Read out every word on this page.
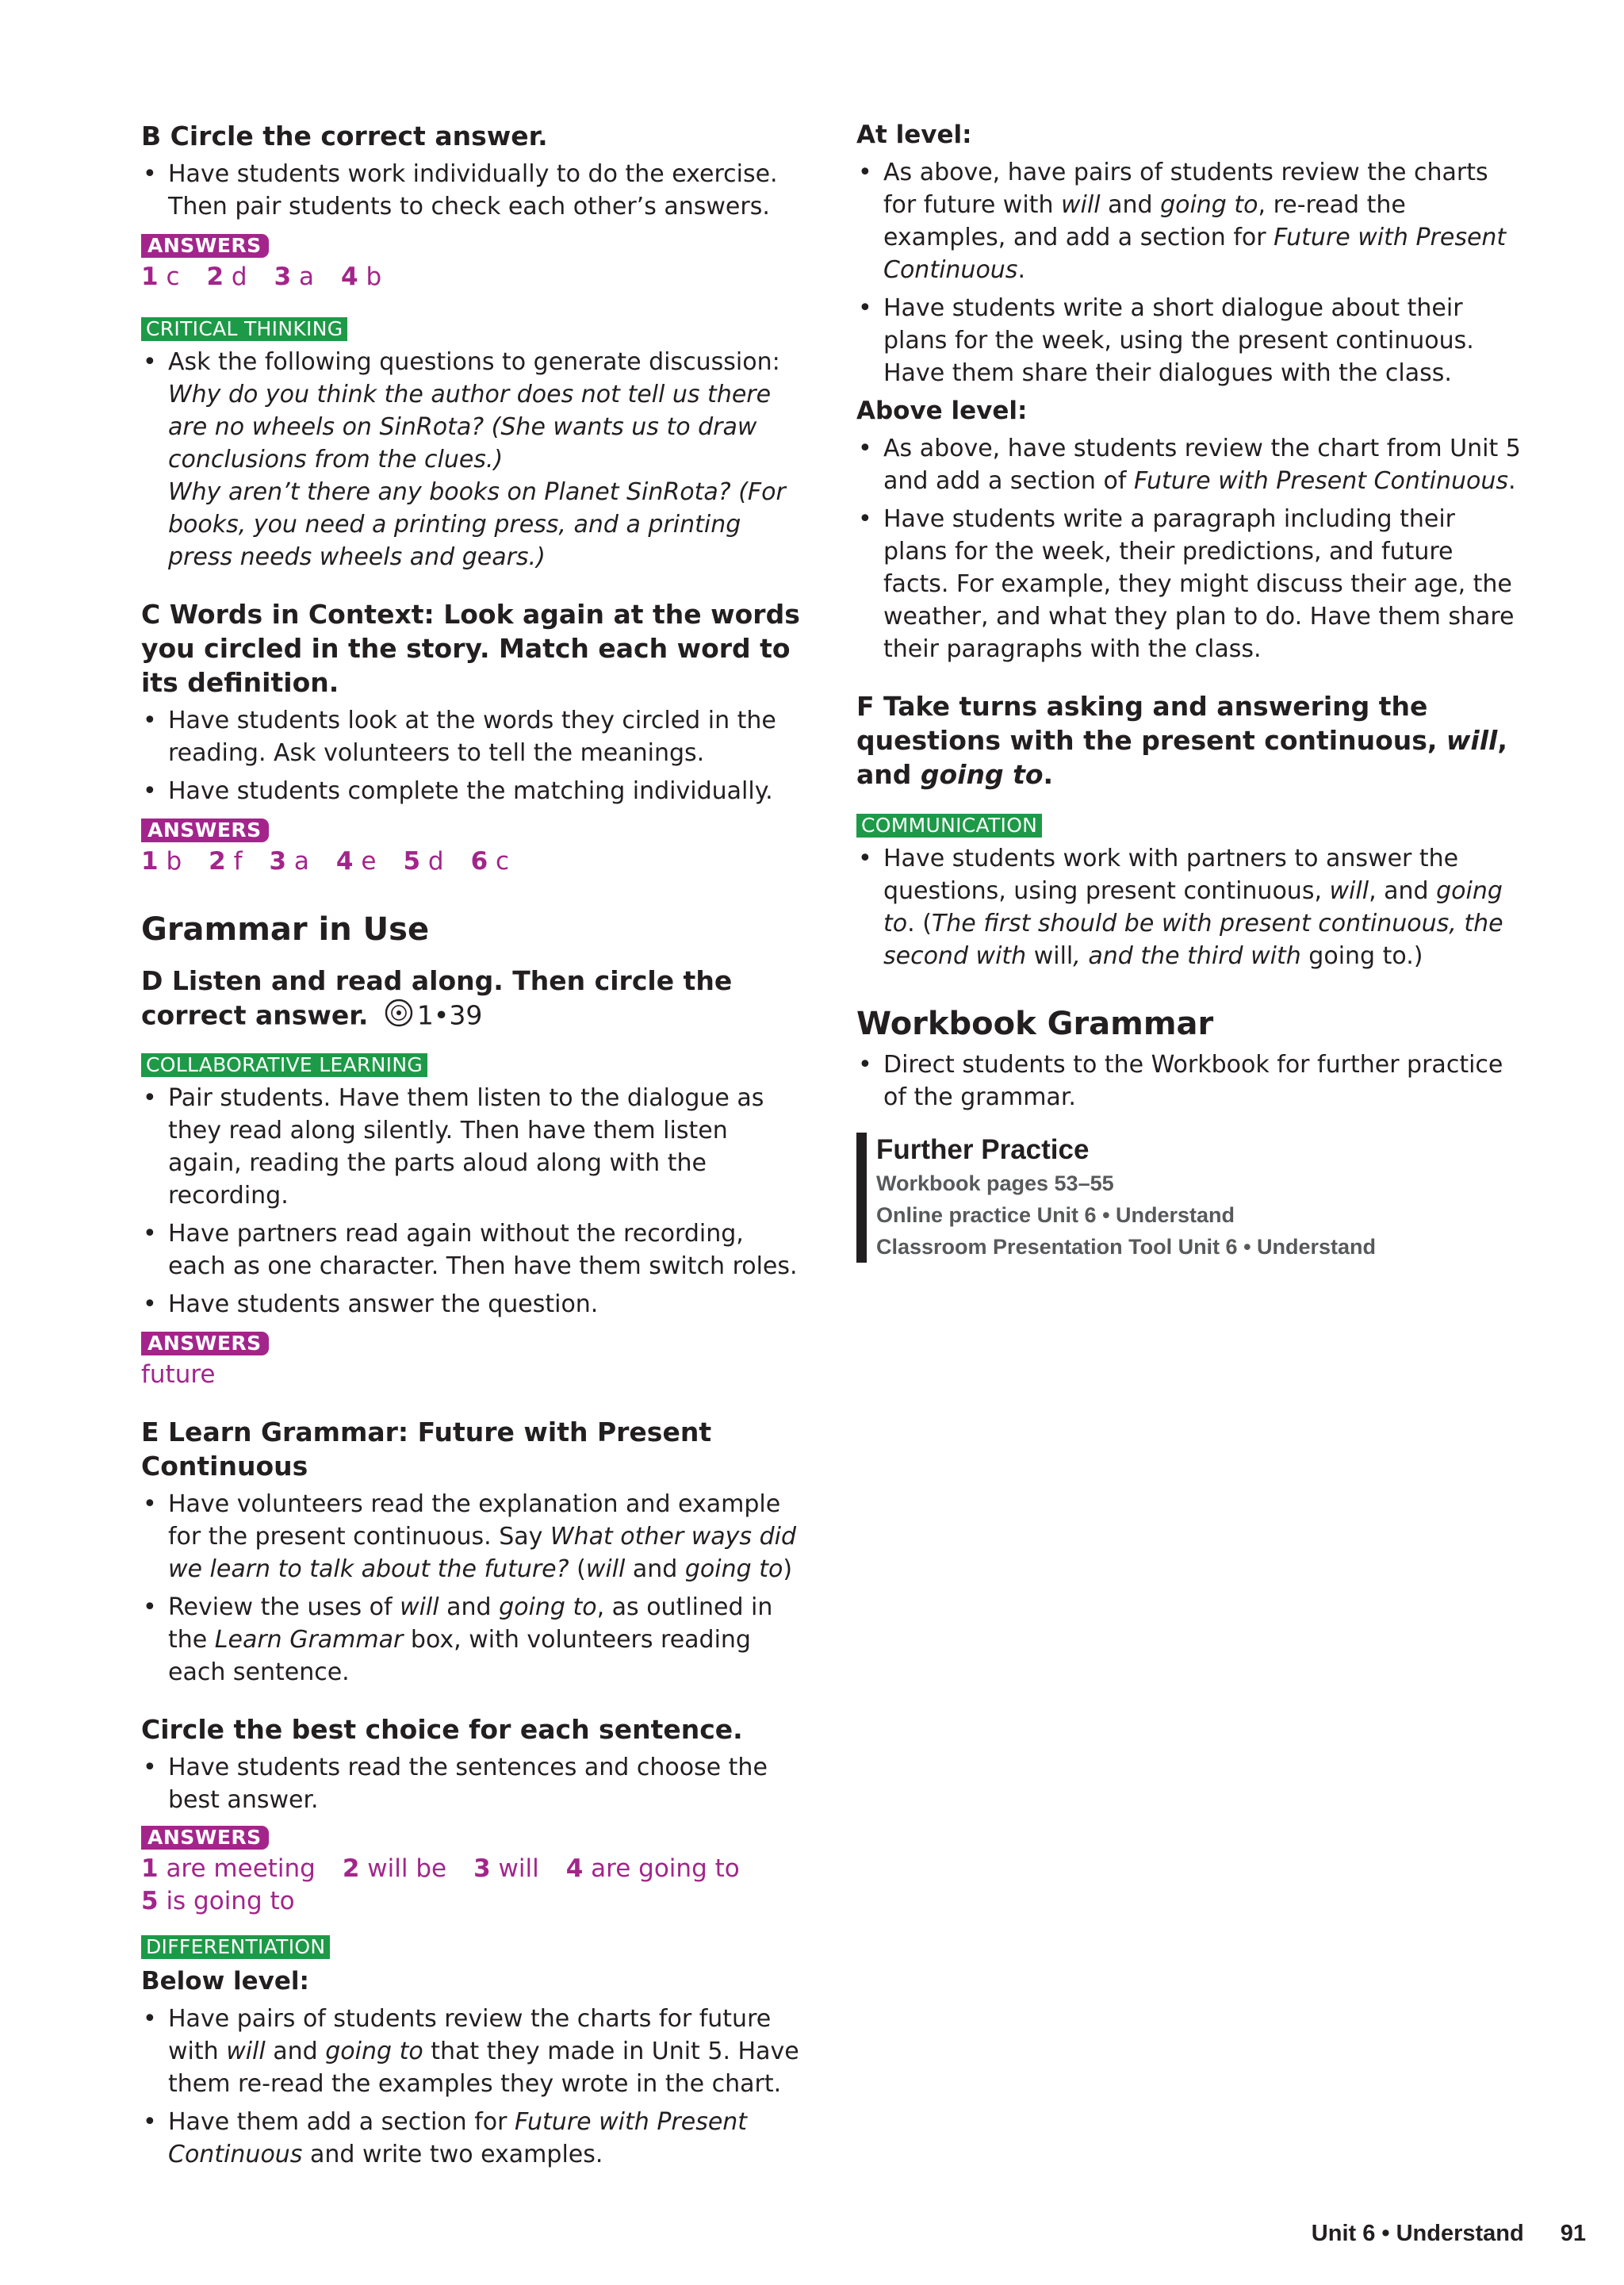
B Circle the correct answer.
• Have students work individually to do the exercise. Then pair students to check each other’s answers.
ANSWERS

1 c 2 d 3 a 4 b

CRITICAL THINKING
• Ask the following questions to generate discussion:
Why do you think the author does not tell us there are no wheels on SinRota? (She wants us to draw conclusions from the clues.)
Why aren’t there any books on Planet SinRota? (For books, you need a printing press, and a printing press needs wheels and gears.)
C Words in Context: Look again at the words you circled in the story. Match each word to its definition.
• Have students look at the words they circled in the reading. Ask volunteers to tell the meanings.
• Have students complete the matching individually.
ANSWERS

1 b 2 f 3 a 4 e 5 d 6 c

Grammar in Use
D Listen and read along. Then circle the correct answer. 1•39
COLLABORATIVE LEARNING
• Pair students. Have them listen to the dialogue as they read along silently. Then have them listen again, reading the parts aloud along with the recording.
• Have partners read again without the recording, each as one character. Then have them switch roles.
• Have students answer the question.
ANSWERS

future

E Learn Grammar: Future with Present Continuous
• Have volunteers read the explanation and example for the present continuous. Say What other ways did we learn to talk about the future? (will and going to)
• Review the uses of will and going to, as outlined in the Learn Grammar box, with volunteers reading each sentence.
Circle the best choice for each sentence.
• Have students read the sentences and choose the best answer.
ANSWERS

1 are meeting 2 will be 3 will 4 are going to
5 is going to

DIFFERENTIATION

Below level:

• Have pairs of students review the charts for future with will and going to that they made in Unit 5. Have them re-read the examples they wrote in the chart.
• Have them add a section for Future with Present Continuous and write two examples.

At level:

• As above, have pairs of students review the charts for future with will and going to, re-read the examples, and add a section for Future with Present Continuous.
• Have students write a short dialogue about their plans for the week, using the present continuous. Have them share their dialogues with the class.

Above level:

• As above, have students review the chart from Unit 5 and add a section of Future with Present Continuous.
• Have students write a paragraph including their plans for the week, their predictions, and future facts. For example, they might discuss their age, the weather, and what they plan to do. Have them share their paragraphs with the class.
F Take turns asking and answering the questions with the present continuous, will, and going to.
COMMUNICATION
• Have students work with partners to answer the questions, using present continuous, will, and going to. (The first should be with present continuous, the second with will, and the third with going to.)
Workbook Grammar
• Direct students to the Workbook for further practice of the grammar.
Further Practice
Workbook pages 53–55
Online practice Unit 6 • Understand
Classroom Presentation Tool Unit 6 • Understand
Unit 6 • Understand 91
